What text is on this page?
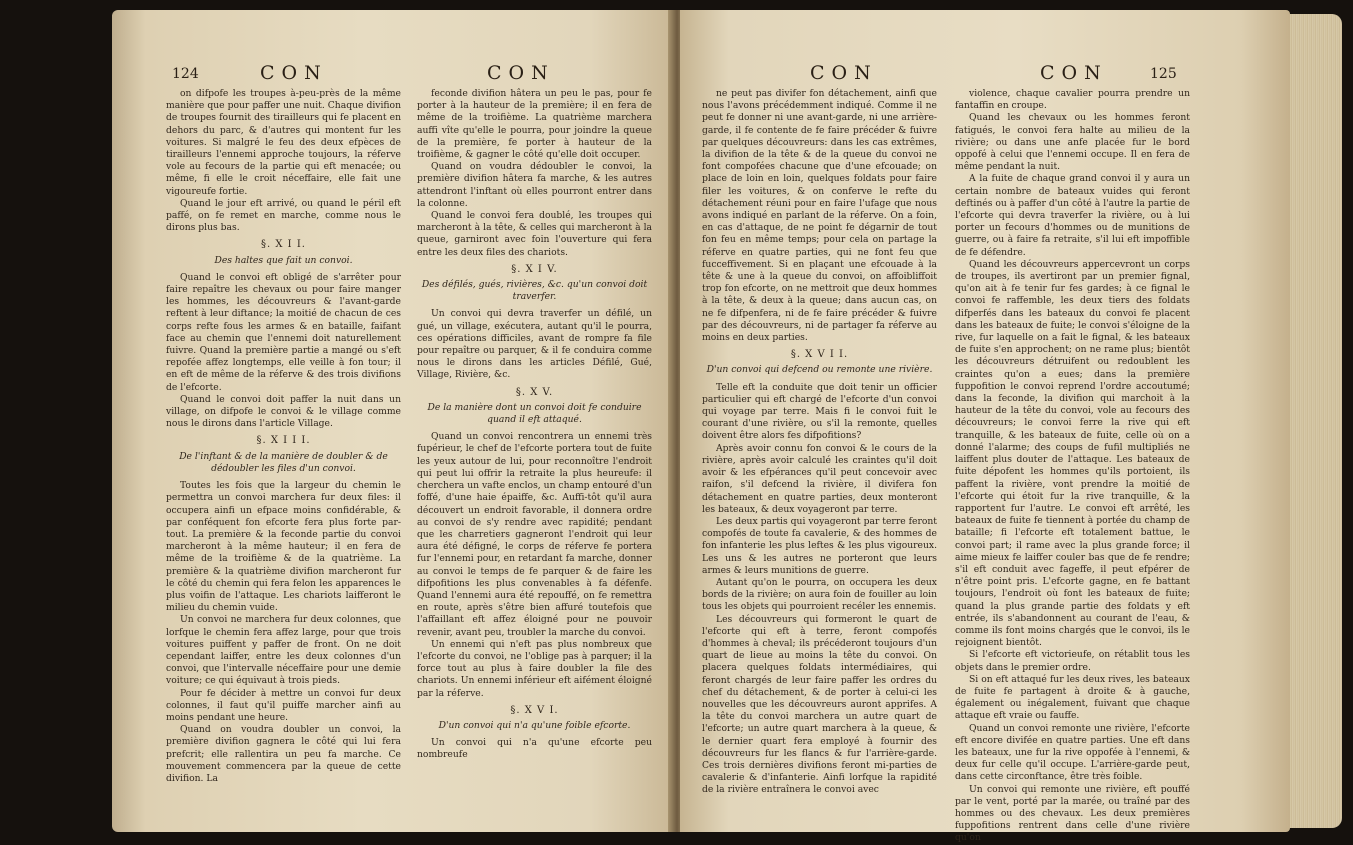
124	CON	CON

on difpofe les troupes à-peu-près de la même manière que pour paffer une nuit. Chaque divifion de troupes fournit des tirailleurs qui fe placent en dehors du parc, & d'autres qui montent fur les voitures. Si malgré le feu des deux efpèces de tirailleurs l'ennemi approche toujours, la réferve vole au fecours de la partie qui eft menacée; ou même, fi elle le croit néceffaire, elle fait une vigoureufe fortie.

Quand le jour eft arrivé, ou quand le péril eft paffé, on fe remet en marche, comme nous le dirons plus bas.

§. X I I.

Des haltes que fait un convoi.

Quand le convoi eft obligé de s'arrêter pour faire repaître les chevaux ou pour faire manger les hommes, les découvreurs & l'avant-garde reftent à leur diftance; la moitié de chacun de ces corps refte fous les armes & en bataille, faifant face au chemin que l'ennemi doit naturellement fuivre. Quand la première partie a mangé ou s'eft repofée affez longtemps, elle veille à fon tour; il en eft de même de la réferve & des trois divifions de l'efcorte.

Quand le convoi doit paffer la nuit dans un village, on difpofe le convoi & le village comme nous le dirons dans l'article Village.

§. X I I I.

De l'inftant & de la manière de doubler & de dédoubler les files d'un convoi.

Toutes les fois que la largeur du chemin le permettra un convoi marchera fur deux files: il occupera ainfi un efpace moins confidérable, & par conféquent fon efcorte fera plus forte par-tout. La première & la feconde partie du convoi marcheront à la même hauteur; il en fera de même de la troifième & de la quatrième. La première & la quatrième divifion marcheront fur le côté du chemin qui fera felon les apparences le plus voifin de l'attaque. Les chariots laifferont le milieu du chemin vuide.

Un convoi ne marchera fur deux colonnes, que lorfque le chemin fera affez large, pour que trois voitures puiffent y paffer de front. On ne doit cependant laiffer, entre les deux colonnes d'un convoi, que l'intervalle néceffaire pour une demie voiture; ce qui équivaut à trois pieds.

Pour fe décider à mettre un convoi fur deux colonnes, il faut qu'il puiffe marcher ainfi au moins pendant une heure.

Quand on voudra doubler un convoi, la première divifion gagnera le côté qui lui fera prefcrit; elle rallentira un peu fa marche. Ce mouvement commencera par la queue de cette divifion. La

feconde divifion hâtera un peu le pas, pour fe porter à la hauteur de la première; il en fera de même de la troifième. La quatrième marchera auffi vîte qu'elle le pourra, pour joindre la queue de la première, fe porter à hauteur de la troifième, & gagner le côté qu'elle doit occuper.

Quand on voudra dédoubler le convoi, la première divifion hâtera fa marche, & les autres attendront l'inftant où elles pourront entrer dans la colonne.

Quand le convoi fera doublé, les troupes qui marcheront à la tête, & celles qui marcheront à la queue, garniront avec foin l'ouverture qui fera entre les deux files des chariots.

§. X I V.

Des défilés, gués, rivières, &c. qu'un convoi doit traverfer.

Un convoi qui devra traverfer un défilé, un gué, un village, exécutera, autant qu'il le pourra, ces opérations difficiles, avant de rompre fa file pour repaître ou parquer, & il fe conduira comme nous le dirons dans les articles Défilé, Gué, Village, Rivière, &c.

§. X V.

De la manière dont un convoi doit fe conduire quand il eft attaqué.

Quand un convoi rencontrera un ennemi très fupérieur, le chef de l'efcorte portera tout de fuite les yeux autour de lui, pour reconnoître l'endroit qui peut lui offrir la retraite la plus heureufe: il cherchera un vafte enclos, un champ entouré d'un foffé, d'une haie épaiffe, &c. Auffi-tôt qu'il aura découvert un endroit favorable, il donnera ordre au convoi de s'y rendre avec rapidité; pendant que les charretiers gagneront l'endroit qui leur aura été défigné, le corps de réferve fe portera fur l'ennemi pour, en retardant fa marche, donner au convoi le temps de fe parquer & de faire les difpofitions les plus convenables à fa défenfe. Quand l'ennemi aura été repouffé, on fe remettra en route, après s'être bien affuré toutefois que l'affaillant eft affez éloigné pour ne pouvoir revenir, avant peu, troubler la marche du convoi.

Un ennemi qui n'eft pas plus nombreux que l'efcorte du convoi, ne l'oblige pas à parquer; il la force tout au plus à faire doubler la file des chariots. Un ennemi inférieur eft aifément éloigné par la réferve.

§. X V I.

D'un convoi qui n'a qu'une foible efcorte.

Un convoi qui n'a qu'une efcorte peu nombreufe

CON	CON	125

ne peut pas divifer fon détachement, ainfi que nous l'avons précédemment indiqué. Comme il ne peut fe donner ni une avant-garde, ni une arrière-garde, il fe contente de fe faire précéder & fuivre par quelques découvreurs: dans les cas extrêmes, la divifion de la tête & de la queue du convoi ne font compofées chacune que d'une efcouade; on place de loin en loin, quelques foldats pour faire filer les voitures, & on conferve le refte du détachement réuni pour en faire l'ufage que nous avons indiqué en parlant de la réferve. On a foin, en cas d'attaque, de ne point fe dégarnir de tout fon feu en même temps; pour cela on partage la réferve en quatre parties, qui ne font feu que fucceffivement. Si en plaçant une efcouade à la tête & une à la queue du convoi, on affoibliffoit trop fon efcorte, on ne mettroit que deux hommes à la tête, & deux à la queue; dans aucun cas, on ne fe difpenfera, ni de fe faire précéder & fuivre par des découvreurs, ni de partager fa réferve au moins en deux parties.

§. X V I I.

D'un convoi qui defcend ou remonte une rivière.

Telle eft la conduite que doit tenir un officier particulier qui eft chargé de l'efcorte d'un convoi qui voyage par terre. Mais fi le convoi fuit le courant d'une rivière, ou s'il la remonte, quelles doivent être alors fes difpofitions?

Après avoir connu fon convoi & le cours de la rivière, après avoir calculé les craintes qu'il doit avoir & les efpérances qu'il peut concevoir avec raifon, s'il defcend la rivière, il divifera fon détachement en quatre parties, deux monteront les bateaux, & deux voyageront par terre.

Les deux partis qui voyageront par terre feront compofés de toute fa cavalerie, & des hommes de fon infanterie les plus leftes & les plus vigoureux. Les uns & les autres ne porteront que leurs armes & leurs munitions de guerre.

Autant qu'on le pourra, on occupera les deux bords de la rivière; on aura foin de fouiller au loin tous les objets qui pourroient recéler les ennemis.

Les découvreurs qui formeront le quart de l'efcorte qui eft à terre, feront compofés d'hommes à cheval; ils précéderont toujours d'un quart de lieue au moins la tête du convoi. On placera quelques foldats intermédiaires, qui feront chargés de leur faire paffer les ordres du chef du détachement, & de porter à celui-ci les nouvelles que les découvreurs auront apprifes. A la tête du convoi marchera un autre quart de l'efcorte; un autre quart marchera à la queue, & le dernier quart fera employé à fournir des découvreurs fur les flancs & fur l'arrière-garde. Ces trois dernières divifions feront mi-parties de cavalerie & d'infanterie. Ainfi lorfque la rapidité de la rivière entraînera le convoi avec

violence, chaque cavalier pourra prendre un fantaffin en croupe.

Quand les chevaux ou les hommes feront fatigués, le convoi fera halte au milieu de la rivière; ou dans une anfe placée fur le bord oppofé à celui que l'ennemi occupe. Il en fera de même pendant la nuit.

A la fuite de chaque grand convoi il y aura un certain nombre de bateaux vuides qui feront deftinés ou à paffer d'un côté à l'autre la partie de l'efcorte qui devra traverfer la rivière, ou à lui porter un fecours d'hommes ou de munitions de guerre, ou à faire fa retraite, s'il lui eft impoffible de fe défendre.

Quand les découvreurs appercevront un corps de troupes, ils avertiront par un premier fignal, qu'on ait à fe tenir fur fes gardes; à ce fignal le convoi fe raffemble, les deux tiers des foldats difperfés dans les bateaux du convoi fe placent dans les bateaux de fuite; le convoi s'éloigne de la rive, fur laquelle on a fait le fignal, & les bateaux de fuite s'en approchent; on ne rame plus; bientôt les découvreurs détruifent ou redoublent les craintes qu'on a eues; dans la première fuppofition le convoi reprend l'ordre accoutumé; dans la feconde, la divifion qui marchoit à la hauteur de la tête du convoi, vole au fecours des découvreurs; le convoi ferre la rive qui eft tranquille, & les bateaux de fuite, celle où on a donné l'alarme; des coups de fufil multipliés ne laiffent plus douter de l'attaque. Les bateaux de fuite dépofent les hommes qu'ils portoient, ils paffent la rivière, vont prendre la moitié de l'efcorte qui étoit fur la rive tranquille, & la rapportent fur l'autre. Le convoi eft arrêté, les bateaux de fuite fe tiennent à portée du champ de bataille; fi l'efcorte eft totalement battue, le convoi part; il rame avec la plus grande force; il aime mieux fe laiffer couler bas que de fe rendre; s'il eft conduit avec fageffe, il peut efpérer de n'être point pris. L'efcorte gagne, en fe battant toujours, l'endroit où font les bateaux de fuite; quand la plus grande partie des foldats y eft entrée, ils s'abandonnent au courant de l'eau, & comme ils font moins chargés que le convoi, ils le rejoignent bientôt.

Si l'efcorte eft victorieufe, on rétablit tous les objets dans le premier ordre.

Si on eft attaqué fur les deux rives, les bateaux de fuite fe partagent à droite & à gauche, également ou inégalement, fuivant que chaque attaque eft vraie ou fauffe.

Quand un convoi remonte une rivière, l'efcorte eft encore divifée en quatre parties. Une eft dans les bateaux, une fur la rive oppofée à l'ennemi, & deux fur celle qu'il occupe. L'arrière-garde peut, dans cette circonftance, être très foible.

Un convoi qui remonte une rivière, eft pouffé par le vent, porté par la marée, ou traîné par des hommes ou des chevaux. Les deux premières fuppofitions rentrent dans celle d'une rivière qu'on
